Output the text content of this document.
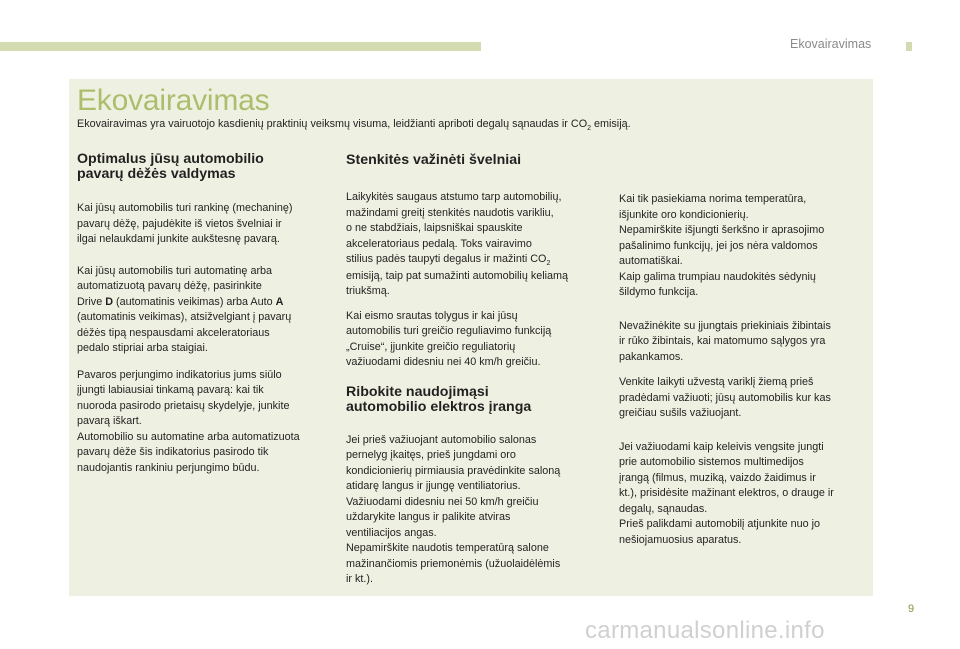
Ekovairavimas
Ekovairavimas

Ekovairavimas yra vairuotojo kasdienių praktinių veiksmų visuma, leidžianti apriboti degalų sąnaudas ir $CO_2$ emisiją.

Optimalus jūsų automobilio
pavarų dėžės valdymas

Kai jūsų automobilis turi rankinę (mechaninę)
pavarų dėžę, pajudėkite iš vietos švelniai ir
ilgai nelaukdami junkite aukštesnę pavarą.

Kai jūsų automobilis turi automatinę arba
automatizuotą pavarų dėžę, pasirinkite
Drive D (automatinis veikimas) arba Auto A
(automatinis veikimas), atsižvelgiant į pavarų
dėžės tipą nespausdami akceleratoriaus
pedalo stipriai arba staigiai.

Pavaros perjungimo indikatorius jums siūlo
įjungti labiausiai tinkamą pavarą: kai tik
nuoroda pasirodo prietaisų skydelyje, junkite
pavarą iškart.
Automobilio su automatine arba automatizuota
pavarų dėže šis indikatorius pasirodo tik
naudojantis rankiniu perjungimo būdu.

Stenkitės važinėti švelniai

Laikykitės saugaus atstumo tarp automobilių,
mažindami greitį stenkitės naudotis varikliu,
o ne stabdžiais, laipsniškai spauskite
akceleratoriaus pedalą. Toks vairavimo
stilius padės taupyti degalus ir mažinti $CO_2$
emisiją, taip pat sumažinti automobilių keliamą
triukšmą.

Kai eismo srautas tolygus ir kai jūsų
automobilis turi greičio reguliavimo funkciją
„Cruise“, įjunkite greičio reguliatorių
važiuodami didesniu nei 40 km/h greičiu.

Ribokite naudojimąsi
automobilio elektros įranga

Jei prieš važiuojant automobilio salonas
pernelyg įkaitęs, prieš jungdami oro
kondicionierių pirmiausia pravėdinkite saloną
atidarę langus ir įjungę ventiliatorius.
Važiuodami didesniu nei 50 km/h greičiu
uždarykite langus ir palikite atviras
ventiliacijos angas.
Nepamirškite naudotis temperatūrą salone
mažinančiomis priemonėmis (užuolaidėlėmis
ir kt.).

Kai tik pasiekiama norima temperatūra,
išjunkite oro kondicionierių.
Nepamirškite išjungti šerkšno ir aprasojimo
pašalinimo funkcijų, jei jos nėra valdomos
automatiškai.
Kaip galima trumpiau naudokitės sėdynių
šildymo funkcija.

Nevažinėkite su įjungtais priekiniais žibintais
ir rūko žibintais, kai matomumo sąlygos yra
pakankamos.

Venkite laikyti užvestą variklį žiemą prieš
pradėdami važiuoti; jūsų automobilis kur kas
greičiau sušils važiuojant.

Jei važiuodami kaip keleivis vengsite jungti
prie automobilio sistemos multimedijos
įrangą (filmus, muziką, vaizdo žaidimus ir
kt.), prisidėsite mažinant elektros, o drauge ir
degalų, sąnaudas.
Prieš palikdami automobilį atjunkite nuo jo
nešiojamuosius aparatus.

9
carmanualsonline.info
